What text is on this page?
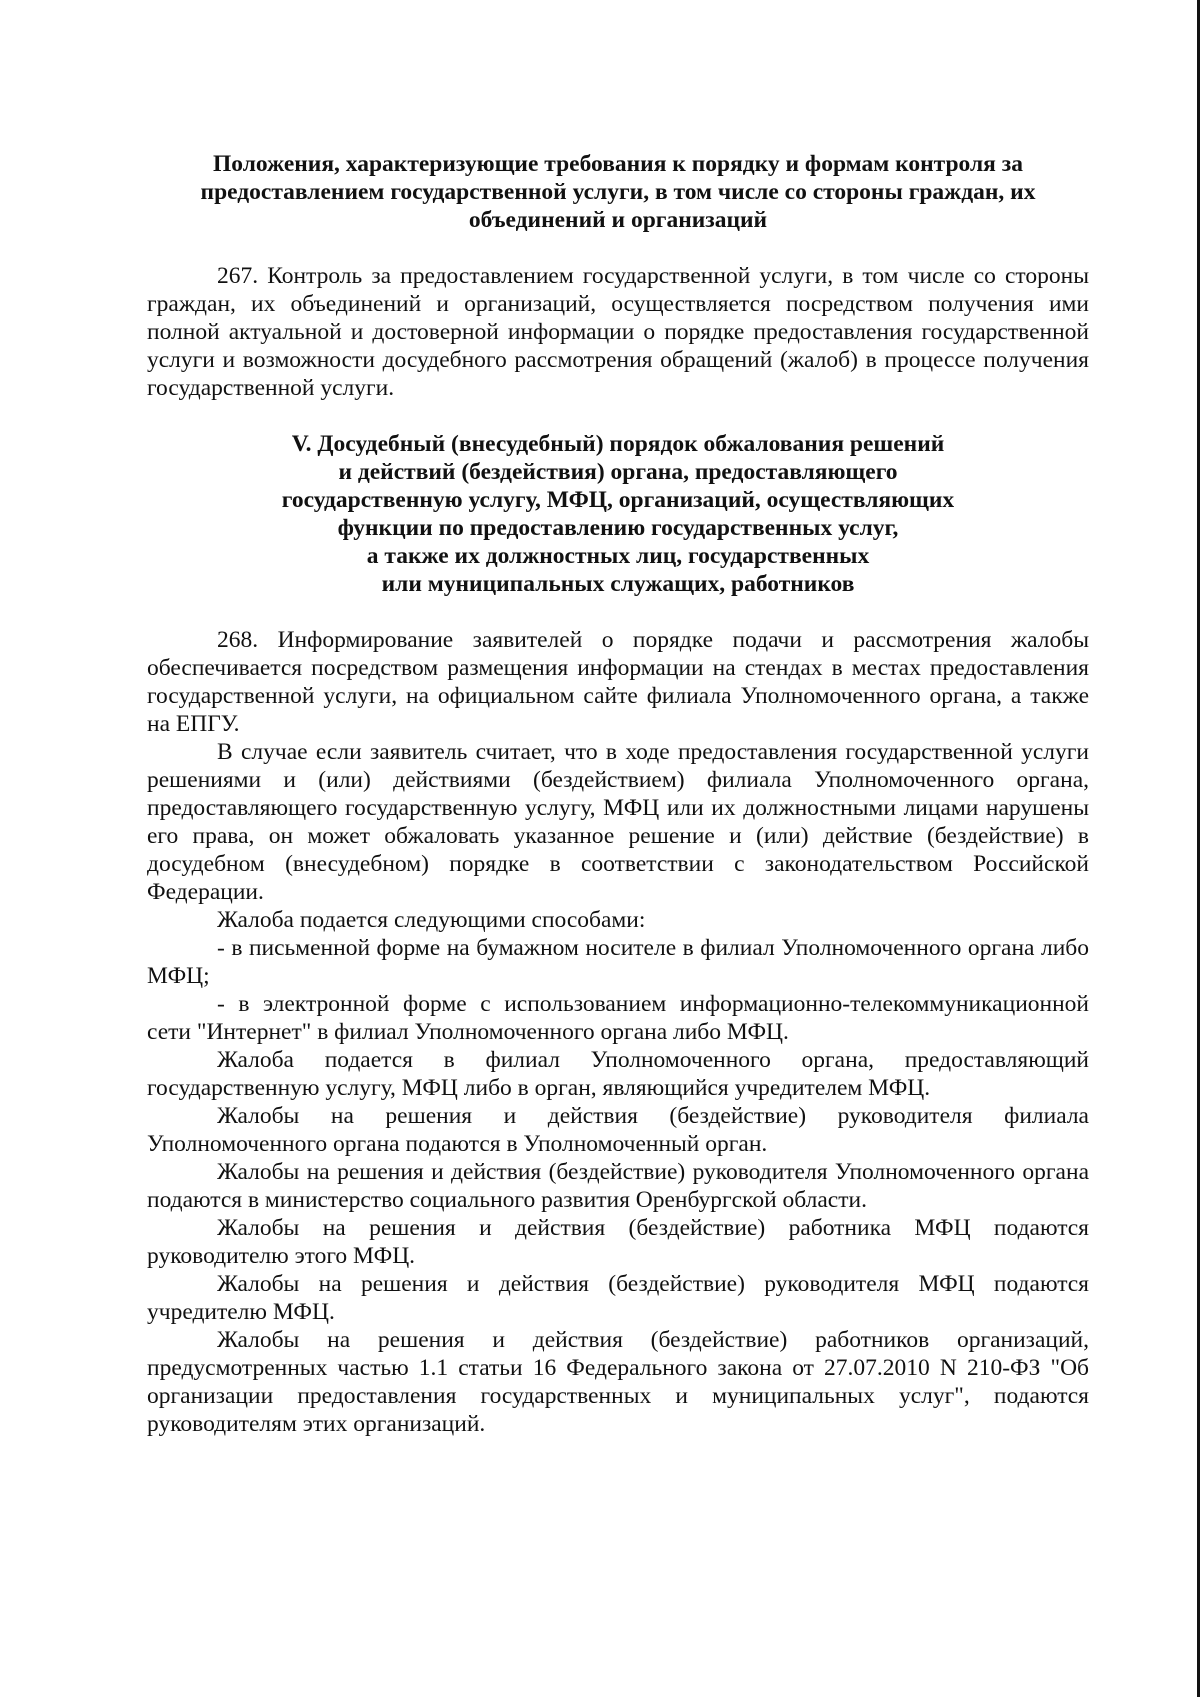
Положения, характеризующие требования к порядку и формам контроля за
предоставлением государственной услуги, в том числе со стороны граждан, их
объединений и организаций

267. Контроль за предоставлением государственной услуги, в том числе со стороны граждан, их объединений и организаций, осуществляется посредством получения ими полной актуальной и достоверной информации о порядке предоставления государственной услуги и возможности досудебного рассмотрения обращений (жалоб) в процессе получения государственной услуги.

V. Досудебный (внесудебный) порядок обжалования решений
и действий (бездействия) органа, предоставляющего
государственную услугу, МФЦ, организаций, осуществляющих
функции по предоставлению государственных услуг,
а также их должностных лиц, государственных
или муниципальных служащих, работников

268. Информирование заявителей о порядке подачи и рассмотрения жалобы обеспечивается посредством размещения информации на стендах в местах предоставления государственной услуги, на официальном сайте филиала Уполномоченного органа, а также на ЕПГУ.

В случае если заявитель считает, что в ходе предоставления государственной услуги решениями и (или) действиями (бездействием) филиала Уполномоченного органа, предоставляющего государственную услугу, МФЦ или их должностными лицами нарушены его права, он может обжаловать указанное решение и (или) действие (бездействие) в досудебном (внесудебном) порядке в соответствии с законодательством Российской Федерации.

Жалоба подается следующими способами:

- в письменной форме на бумажном носителе в филиал Уполномоченного органа либо МФЦ;

- в электронной форме с использованием информационно-телекоммуникационной сети "Интернет" в филиал Уполномоченного органа либо МФЦ.

Жалоба подается в филиал Уполномоченного органа, предоставляющий государственную услугу, МФЦ либо в орган, являющийся учредителем МФЦ.

Жалобы на решения и действия (бездействие) руководителя филиала Уполномоченного органа подаются в Уполномоченный орган.

Жалобы на решения и действия (бездействие) руководителя Уполномоченного органа подаются в министерство социального развития Оренбургской области.

Жалобы на решения и действия (бездействие) работника МФЦ подаются руководителю этого МФЦ.

Жалобы на решения и действия (бездействие) руководителя МФЦ подаются учредителю МФЦ.

Жалобы на решения и действия (бездействие) работников организаций, предусмотренных частью 1.1 статьи 16 Федерального закона от 27.07.2010 N 210-ФЗ "Об организации предоставления государственных и муниципальных услуг", подаются руководителям этих организаций.
